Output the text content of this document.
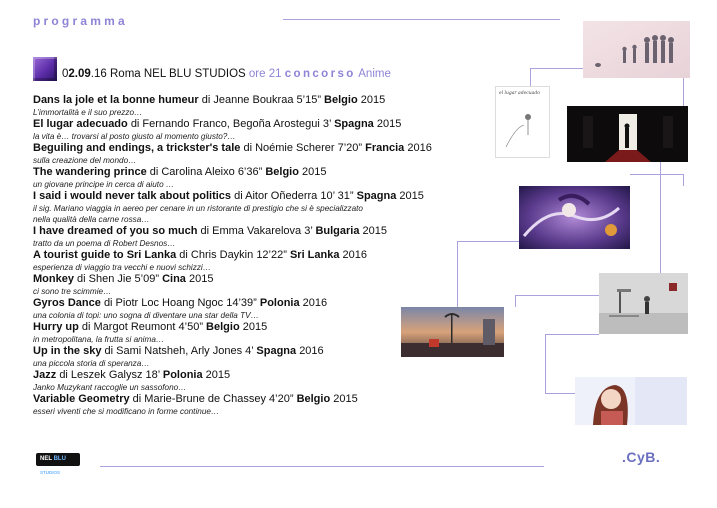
programma
02.09.16 Roma NEL BLU STUDIOS ore 21 concorso Anime
Dans la jole et la bonne humeur di Jeanne Boukraa 5’15” Belgio 2015
L’immortalità e il suo prezzo…
El lugar adecuado di Fernando Franco, Begoña Arostegui 3’ Spagna 2015
la vita è… trovarsi al posto giusto al momento giusto?…
Beguiling and endings, a trickster's tale di Noémie Scherer 7’20” Francia 2016
sulla creazione del mondo…
The wandering prince di Carolina Aleixo 6’36” Belgio 2015
un giovane principe in cerca di aiuto …
I said i would never talk about politics di Aitor Oñederra 10’ 31” Spagna 2015
il sig. Mariano viaggia in aereo per cenare in un ristorante di prestigio che si è specializzato
nella qualità della carne rossa…
I have dreamed of you so much di Emma Vakarelova 3’ Bulgaria 2015
tratto da un poema di Robert Desnos…
A tourist guide to Sri Lanka di Chris Daykin 12’22” Sri Lanka 2016
esperienza di viaggio tra vecchi e nuovi schizzi…
Monkey di Shen Jie 5’09” Cina 2015
ci sono tre scimmie…
Gyros Dance di Piotr Loc Hoang Ngoc 14’39” Polonia 2016
una colonia di topi: uno sogna di diventare una star della TV…
Hurry up di Margot Reumont 4’50” Belgio 2015
in metropolitana, la frutta si anima…
Up in the sky di Sami Natsheh, Arly Jones 4’ Spagna 2016
una piccola storia di speranza…
Jazz di Leszek Galysz 18’ Polonia 2015
Janko Muzykant raccoglie un sassofono…
Variable Geometry di Marie-Brune de Chassey 4’20” Belgio 2015
esseri viventi che si modificano in forme continue…
el lugar adecuado
NEL BLU STUDIOS
.CyB.
